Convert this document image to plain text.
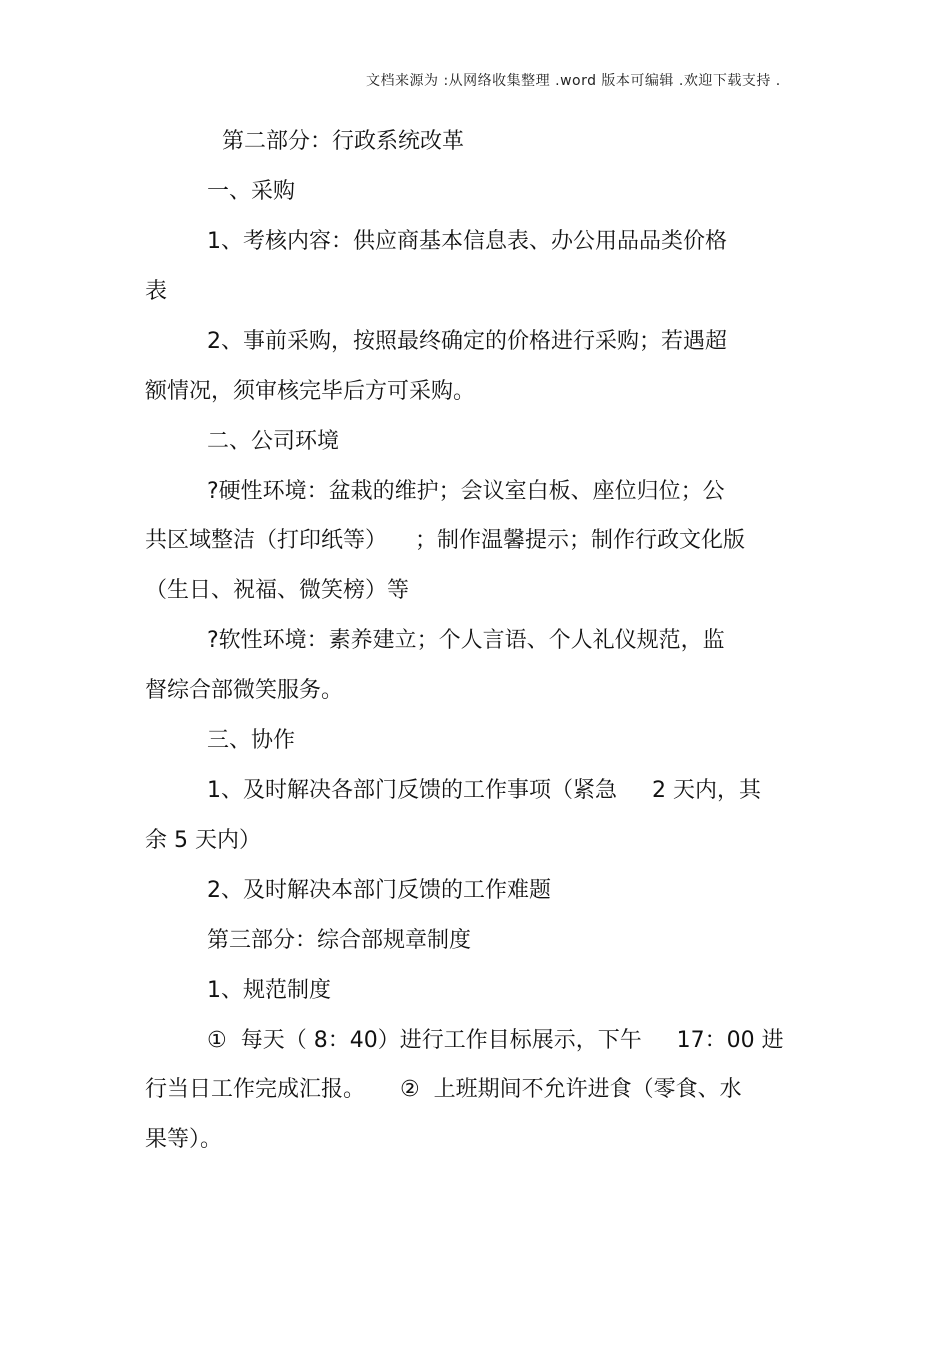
文档来源为 :从网络收集整理 .word 版本可编辑 .欢迎下载支持 .
第二部分：行政系统改革
一、采购
1、考核内容：供应商基本信息表、办公用品品类价格
表
2、事前采购，按照最终确定的价格进行采购；若遇超
额情况，须审核完毕后方可采购。
二、公司环境
?硬性环境：盆栽的维护；会议室白板、座位归位；公
共区域整洁（打印纸等）    ；制作温馨提示；制作行政文化版
（生日、祝福、微笑榜）等
?软性环境：素养建立；个人言语、个人礼仪规范，监
督综合部微笑服务。
三、协作
1、及时解决各部门反馈的工作事项（紧急     2 天内，其
余 5 天内）
2、及时解决本部门反馈的工作难题
第三部分：综合部规章制度
1、规范制度
①  每天（ 8：40）进行工作目标展示，下午     17：00 进
行当日工作完成汇报。     ②  上班期间不允许进食（零食、水
果等）。
